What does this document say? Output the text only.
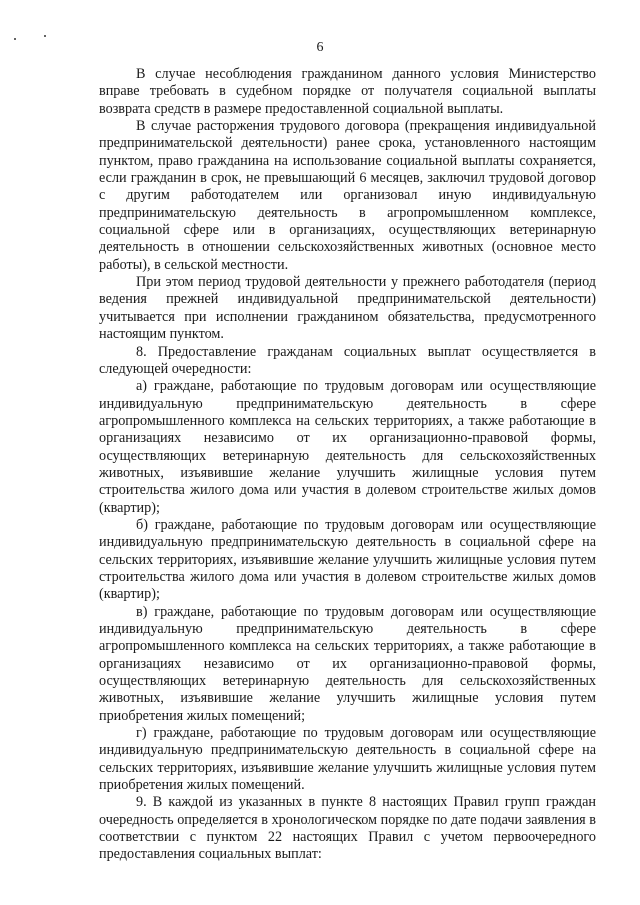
6

В случае несоблюдения гражданином данного условия Министерство вправе требовать в судебном порядке от получателя социальной выплаты возврата средств в размере предоставленной социальной выплаты.

В случае расторжения трудового договора (прекращения индивидуальной предпринимательской деятельности) ранее срока, установленного настоящим пунктом, право гражданина на использование социальной выплаты сохраняется, если гражданин в срок, не превышающий 6 месяцев, заключил трудовой договор с другим работодателем или организовал иную индивидуальную предпринимательскую деятельность в агропромышленном комплексе, социальной сфере или в организациях, осуществляющих ветеринарную деятельность в отношении сельскохозяйственных животных (основное место работы), в сельской местности.

При этом период трудовой деятельности у прежнего работодателя (период ведения прежней индивидуальной предпринимательской деятельности) учитывается при исполнении гражданином обязательства, предусмотренного настоящим пунктом.

8. Предоставление гражданам социальных выплат осуществляется в следующей очередности:

а) граждане, работающие по трудовым договорам или осуществляющие индивидуальную предпринимательскую деятельность в сфере агропромышленного комплекса на сельских территориях, а также работающие в организациях независимо от их организационно-правовой формы, осуществляющих ветеринарную деятельность для сельскохозяйственных животных, изъявившие желание улучшить жилищные условия путем строительства жилого дома или участия в долевом строительстве жилых домов (квартир);

б) граждане, работающие по трудовым договорам или осуществляющие индивидуальную предпринимательскую деятельность в социальной сфере на сельских территориях, изъявившие желание улучшить жилищные условия путем строительства жилого дома или участия в долевом строительстве жилых домов (квартир);

в) граждане, работающие по трудовым договорам или осуществляющие индивидуальную предпринимательскую деятельность в сфере агропромышленного комплекса на сельских территориях, а также работающие в организациях независимо от их организационно-правовой формы, осуществляющих ветеринарную деятельность для сельскохозяйственных животных, изъявившие желание улучшить жилищные условия путем приобретения жилых помещений;

г) граждане, работающие по трудовым договорам или осуществляющие индивидуальную предпринимательскую деятельность в социальной сфере на сельских территориях, изъявившие желание улучшить жилищные условия путем приобретения жилых помещений.

9. В каждой из указанных в пункте 8 настоящих Правил групп граждан очередность определяется в хронологическом порядке по дате подачи заявления в соответствии с пунктом 22 настоящих Правил с учетом первоочередного предоставления социальных выплат:
